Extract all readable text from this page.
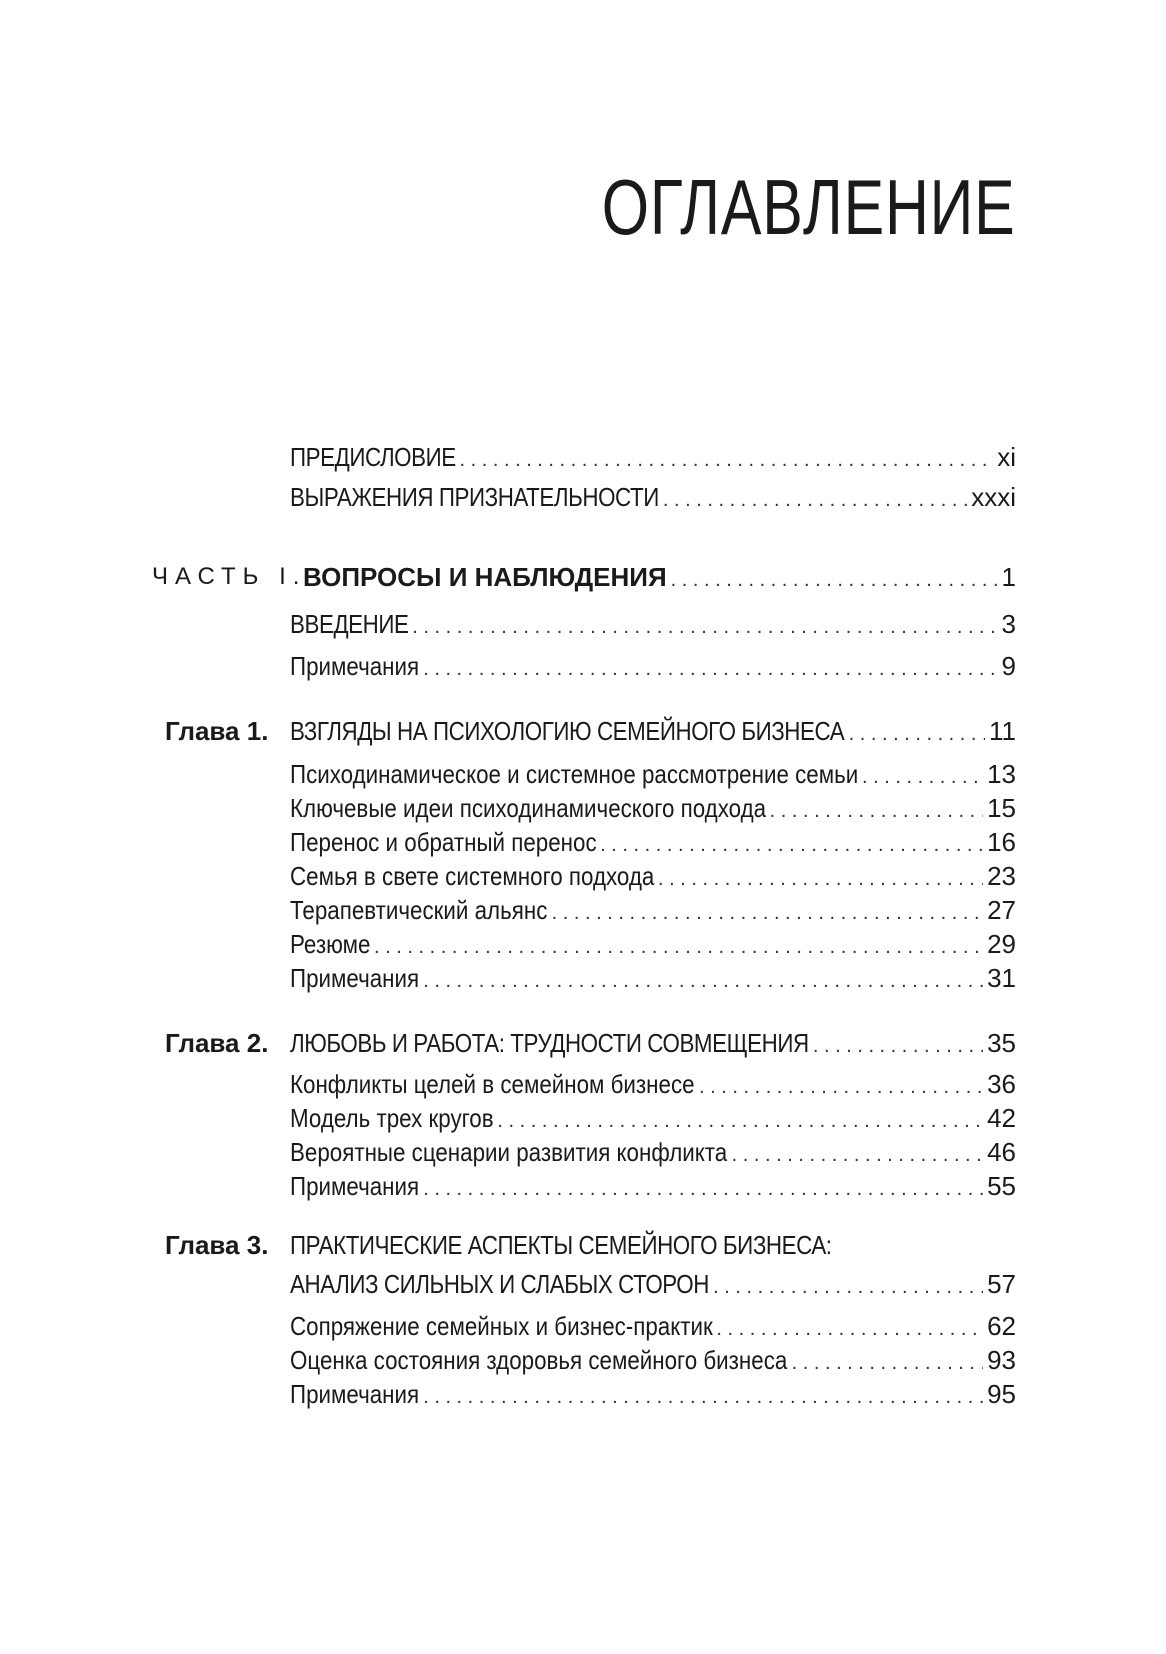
ОГЛАВЛЕНИЕ
ПРЕДИСЛОВИЕ . . .	xi
ВЫРАЖЕНИЯ ПРИЗНАТЕЛЬНОСТИ . . .	xxxi
ЧАСТЬ I.
ВОПРОСЫ И НАБЛЮДЕНИЯ . . .	1
ВВЕДЕНИЕ . . .	3
Примечания . . .	9
Глава 1. ВЗГЛЯДЫ НА ПСИХОЛОГИЮ СЕМЕЙНОГО БИЗНЕСА . . .	11
Психодинамическое и системное рассмотрение семьи . . .	13
Ключевые идеи психодинамического подхода . . .	15
Перенос и обратный перенос . . .	16
Семья в свете системного подхода . . .	23
Терапевтический альянс . . .	27
Резюме . . .	29
Примечания . . .	31
Глава 2. ЛЮБОВЬ И РАБОТА: ТРУДНОСТИ СОВМЕЩЕНИЯ . . .	35
Конфликты целей в семейном бизнесе . . .	36
Модель трех кругов . . .	42
Вероятные сценарии развития конфликта . . .	46
Примечания . . .	55
Глава 3. ПРАКТИЧЕСКИЕ АСПЕКТЫ СЕМЕЙНОГО БИЗНЕСА:
АНАЛИЗ СИЛЬНЫХ И СЛАБЫХ СТОРОН . . .	57
Сопряжение семейных и бизнес-практик . . .	62
Оценка состояния здоровья семейного бизнеса . . .	93
Примечания . . .	95
